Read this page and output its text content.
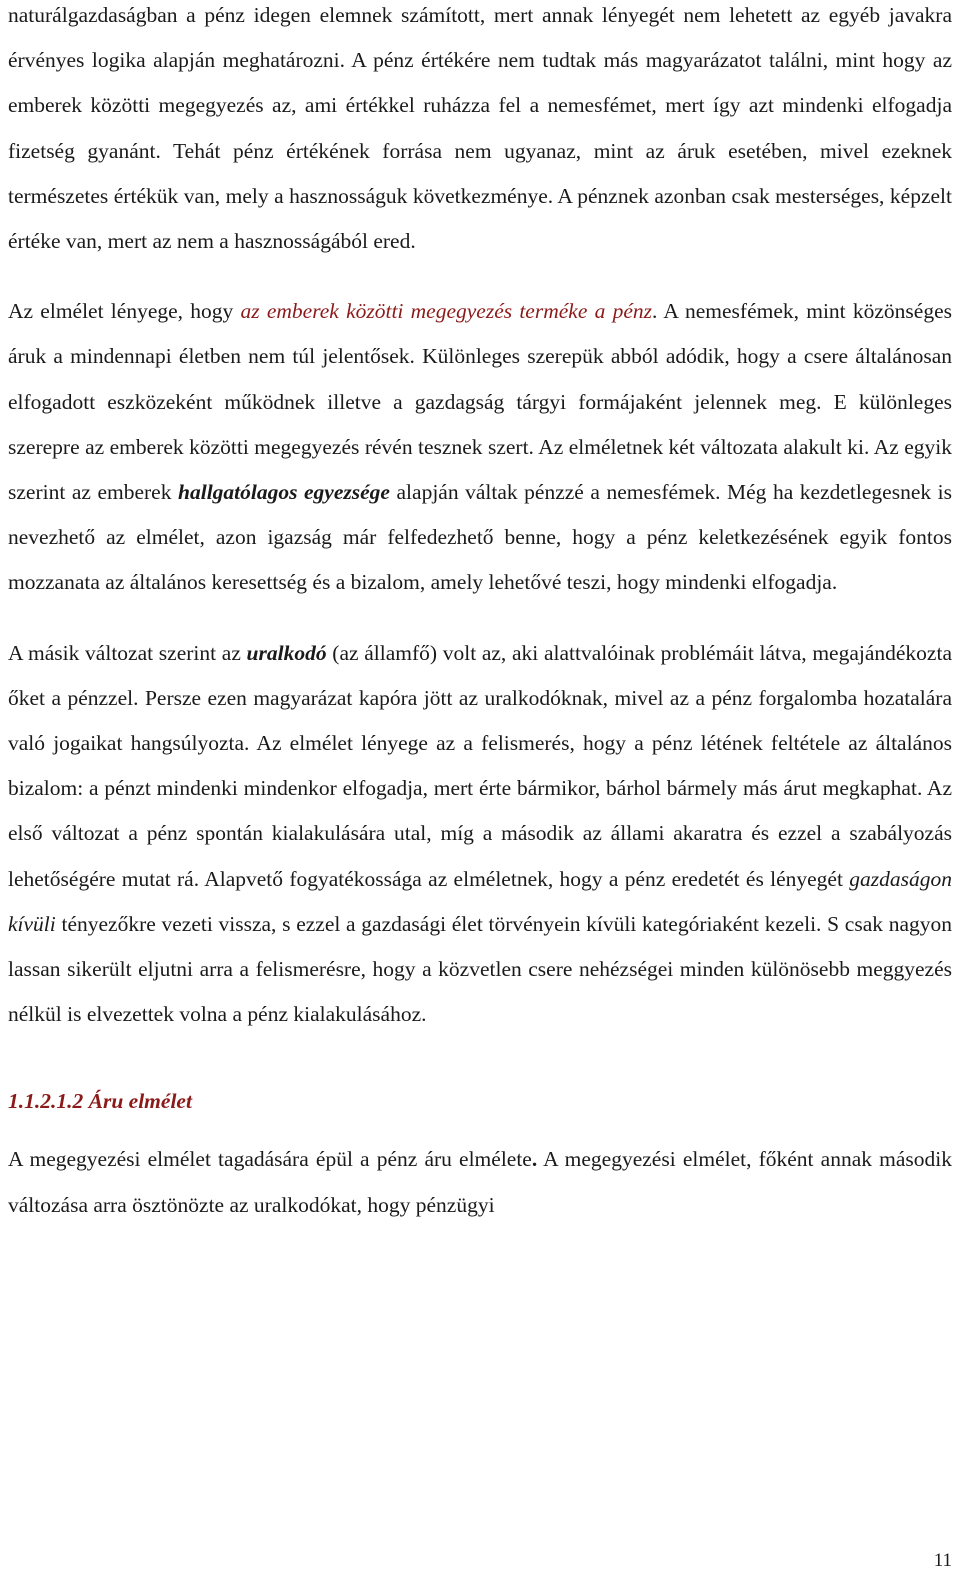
naturálgazdaságban a pénz idegen elemnek számított, mert annak lényegét nem lehetett az egyéb javakra érvényes logika alapján meghatározni. A pénz értékére nem tudtak más magyarázatot találni, mint hogy az emberek közötti megegyezés az, ami értékkel ruházza fel a nemesfémet, mert így azt mindenki elfogadja fizetség gyanánt. Tehát pénz értékének forrása nem ugyanaz, mint az áruk esetében, mivel ezeknek természetes értékük van, mely a hasznosságuk következménye. A pénznek azonban csak mesterséges, képzelt értéke van, mert az nem a hasznosságából ered.

Az elmélet lényege, hogy az emberek közötti megegyezés terméke a pénz. A nemesfémek, mint közönséges áruk a mindennapi életben nem túl jelentősek. Különleges szerepük abból adódik, hogy a csere általánosan elfogadott eszközeként működnek illetve a gazdagság tárgyi formájaként jelennek meg. E különleges szerepre az emberek közötti megegyezés révén tesznek szert. Az elméletnek két változata alakult ki. Az egyik szerint az emberek hallgatólagos egyezsége alapján váltak pénzzé a nemesfémek. Még ha kezdetlegesnek is nevezhető az elmélet, azon igazság már felfedezhető benne, hogy a pénz keletkezésének egyik fontos mozzanata az általános keresettség és a bizalom, amely lehetővé teszi, hogy mindenki elfogadja.

A másik változat szerint az uralkodó (az államfő) volt az, aki alattvalóinak problémáit látva, megajándékozta őket a pénzzel. Persze ezen magyarázat kapóra jött az uralkodóknak, mivel az a pénz forgalomba hozatalára való jogaikat hangsúlyozta. Az elmélet lényege az a felismerés, hogy a pénz létének feltétele az általános bizalom: a pénzt mindenki mindenkor elfogadja, mert érte bármikor, bárhol bármely más árut megkaphat. Az első változat a pénz spontán kialakulására utal, míg a második az állami akaratra és ezzel a szabályozás lehetőségére mutat rá. Alapvető fogyatékossága az elméletnek, hogy a pénz eredetét és lényegét gazdaságon kívüli tényezőkre vezeti vissza, s ezzel a gazdasági élet törvényein kívüli kategóriaként kezeli. S csak nagyon lassan sikerült eljutni arra a felismerésre, hogy a közvetlen csere nehézségei minden különösebb meggyezés nélkül is elvezettek volna a pénz kialakulásához.

1.1.2.1.2 Áru elmélet

A megegyezési elmélet tagadására épül a pénz áru elmélete. A megegyezési elmélet, főként annak második változása arra ösztönözte az uralkodókat, hogy pénzügyi

11
